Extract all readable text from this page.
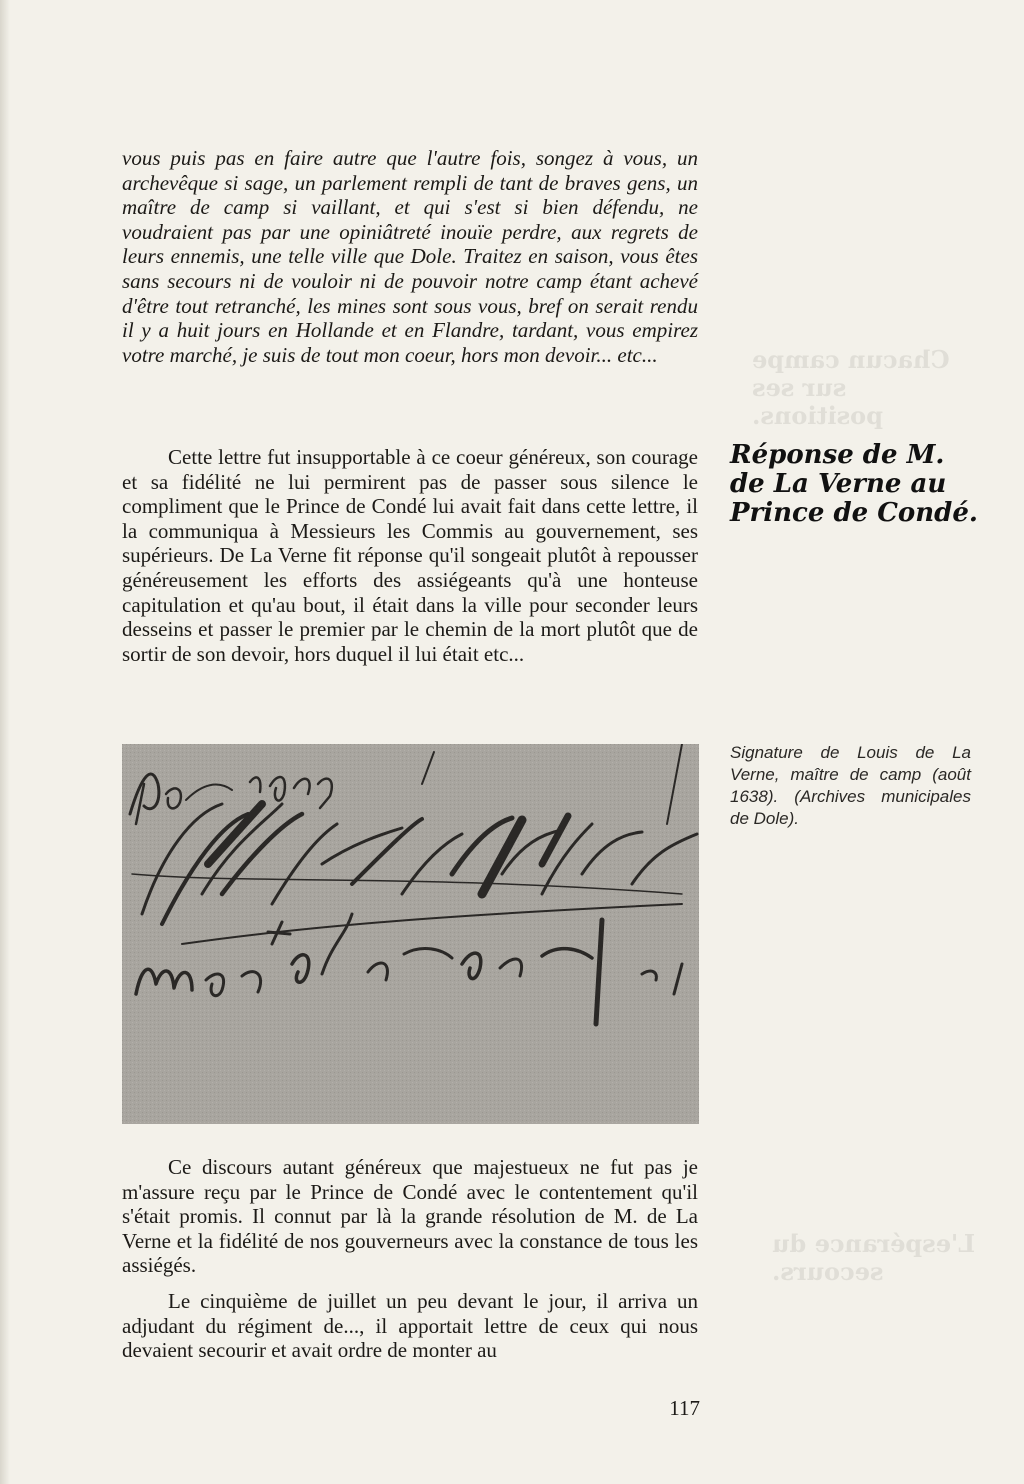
Chacun campe
sur ses positions.
L'espérance du
secours.

vous puis pas en faire autre que l'autre fois, songez à vous, un archevêque si sage, un parlement rempli de tant de braves gens, un maître de camp si vaillant, et qui s'est si bien défendu, ne voudraient pas par une opiniâtreté inouïe perdre, aux regrets de leurs ennemis, une telle ville que Dole. Traitez en saison, vous êtes sans secours ni de vouloir ni de pouvoir notre camp étant achevé d'être tout retranché, les mines sont sous vous, bref on serait rendu il y a huit jours en Hollande et en Flandre, tardant, vous empirez votre marché, je suis de tout mon coeur, hors mon devoir... etc...

Cette lettre fut insupportable à ce coeur généreux, son courage et sa fidélité ne lui permirent pas de passer sous silence le compliment que le Prince de Condé lui avait fait dans cette lettre, il la communiqua à Messieurs les Commis au gouvernement, ses supérieurs. De La Verne fit réponse qu'il songeait plutôt à repousser généreusement les efforts des assiégeants qu'à une honteuse capitulation et qu'au bout, il était dans la ville pour seconder leurs desseins et passer le premier par le chemin de la mort plutôt que de sortir de son devoir, hors duquel il lui était etc...

Réponse de M. de La Verne au Prince de Condé.

Signature de Louis de La Verne, maître de camp (août 1638). (Archives municipales de Dole).

Ce discours autant généreux que majestueux ne fut pas je m'assure reçu par le Prince de Condé avec le contentement qu'il s'était promis. Il connut par là la grande résolution de M. de La Verne et la fidélité de nos gouverneurs avec la constance de tous les assiégés.

Le cinquième de juillet un peu devant le jour, il arriva un adjudant du régiment de..., il apportait lettre de ceux qui nous devaient secourir et avait ordre de monter au

117
